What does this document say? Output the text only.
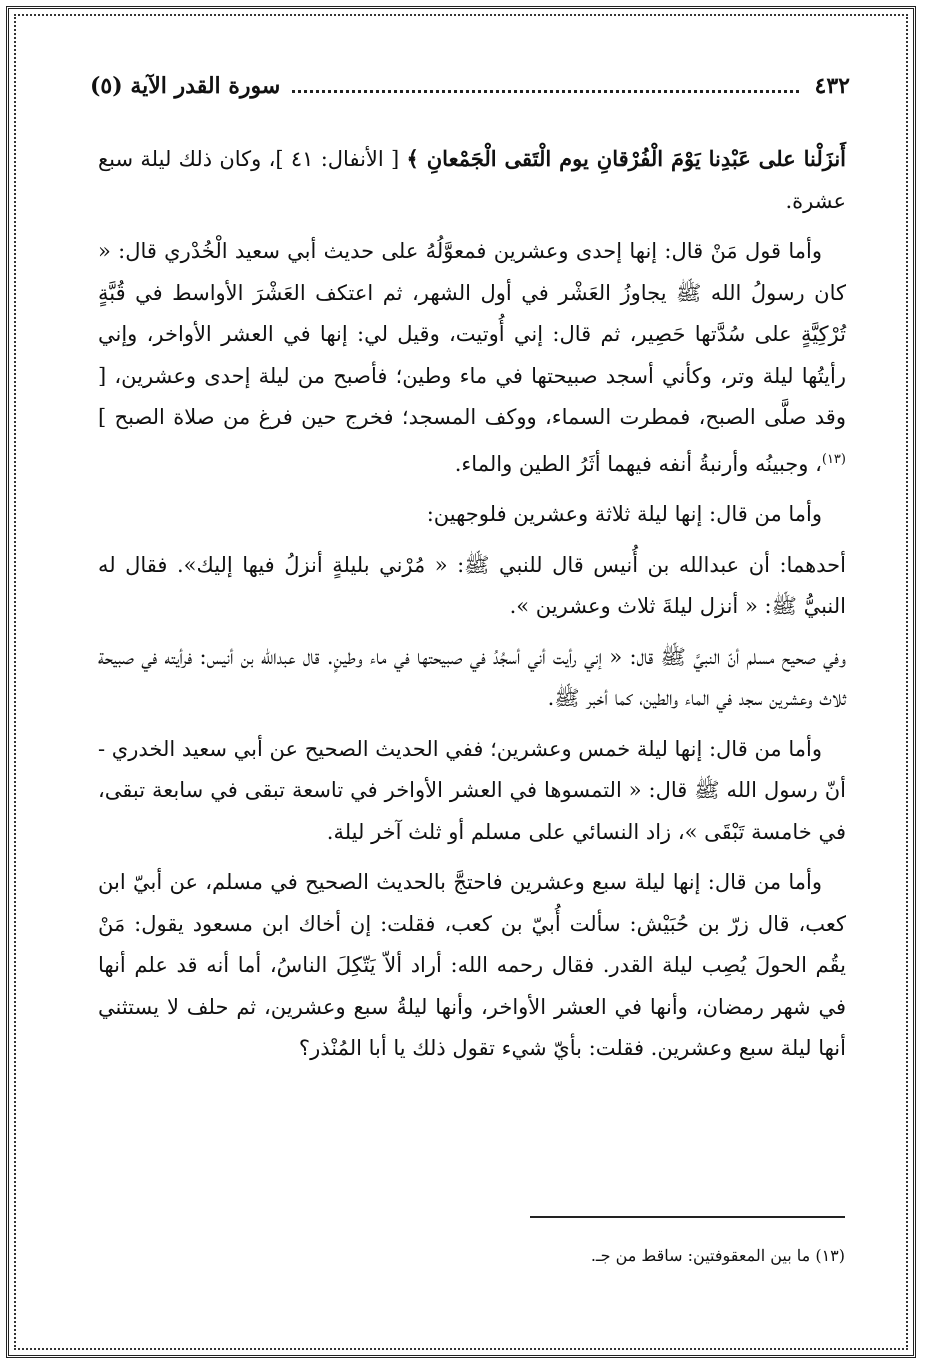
٤٣٢
سورة القدر الآية (٥)

أَنزَلْنا على عَبْدِنا يَوْمَ الْفُرْقانِ يوم الْتَقى الْجَمْعانِ ﴾ [ الأنفال: ٤١ ]، وكان ذلك ليلة سبع عشرة.

وأما قول مَنْ قال: إنها إحدى وعشرين فمعوَّلُهُ على حديث أبي سعيد الْخُدْري قال: « كان رسولُ الله ﷺ يجاوزُ العَشْر في أول الشهر، ثم اعتكف العَشْرَ الأواسط في قُبَّةٍ تُرْكِيَّةٍ على سُدَّتها حَصِير، ثم قال: إني أُوتيت، وقيل لي: إنها في العشر الأواخر، وإني رأيتُها ليلة وتر، وكأني أسجد صبيحتها في ماء وطين؛ فأصبح من ليلة إحدى وعشرين، [ وقد صلَّى الصبح، فمطرت السماء، ووكف المسجد؛ فخرج حين فرغ من صلاة الصبح ] $^{(١٣)}$، وجبينُه وأرنبةُ أنفه فيهما أثَرُ الطين والماء.

وأما من قال: إنها ليلة ثلاثة وعشرين فلوجهين:

أحدهما: أن عبدالله بن أُنيس قال للنبي ﷺ: « مُرْني بليلةٍ أنزلُ فيها إليك». فقال له النبيُّ ﷺ: « أنزل ليلةَ ثلاث وعشرين ».

وفي صحيح مسلم أنّ النبيَّ ﷺ قال: « إني رأيت أني أسجُدُ في صبيحتها في ماء وطينٍ. قال عبدالله بن أنيس: فرأيته في صبيحة ثلاث وعشرين سجد في الماء والطين، كما أخبر ﷺ.

وأما من قال: إنها ليلة خمس وعشرين؛ ففي الحديث الصحيح عن أبي سعيد الخدري - أنّ رسول الله ﷺ قال: « التمسوها في العشر الأواخر في تاسعة تبقى في سابعة تبقى، في خامسة تَبْقَى »، زاد النسائي على مسلم أو ثلث آخر ليلة.

وأما من قال: إنها ليلة سبع وعشرين فاحتجَّ بالحديث الصحيح في مسلم، عن أبيّ ابن كعب، قال زرّ بن حُبَيْش: سألت أُبيّ بن كعب، فقلت: إن أخاك ابن مسعود يقول: مَنْ يقُم الحولَ يُصِب ليلة القدر. فقال رحمه الله: أراد ألاّ يَتّكِلَ الناسُ، أما أنه قد علم أنها في شهر رمضان، وأنها في العشر الأواخر، وأنها ليلةُ سبع وعشرين، ثم حلف لا يستثني أنها ليلة سبع وعشرين. فقلت: بأيّ شيء تقول ذلك يا أبا المُنْذر؟

(١٣) ما بين المعقوفتين: ساقط من جـ.
